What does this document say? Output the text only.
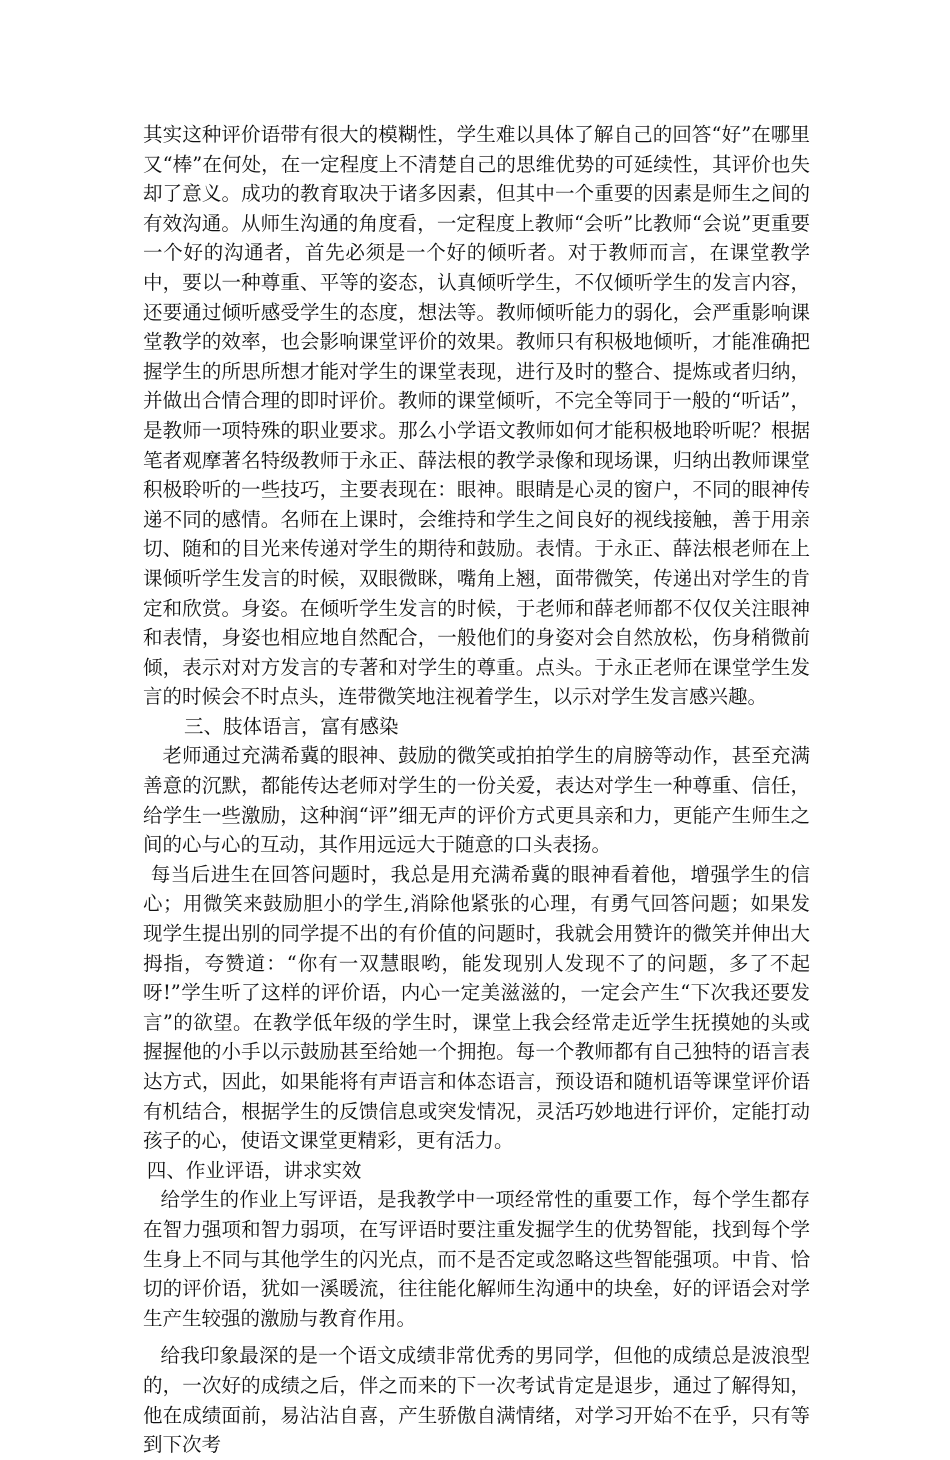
其实这种评价语带有很大的模糊性，学生难以具体了解自己的回答“好”在哪里又“棒”在何处，在一定程度上不清楚自己的思维优势的可延续性，其评价也失却了意义。成功的教育取决于诸多因素，但其中一个重要的因素是师生之间的有效沟通。从师生沟通的角度看，一定程度上教师“会听”比教师“会说”更重要一个好的沟通者，首先必须是一个好的倾听者。对于教师而言，在课堂教学中，要以一种尊重、平等的姿态，认真倾听学生，不仅倾听学生的发言内容，还要通过倾听感受学生的态度，想法等。教师倾听能力的弱化，会严重影响课堂教学的效率，也会影响课堂评价的效果。教师只有积极地倾听，才能准确把握学生的所思所想才能对学生的课堂表现，进行及时的整合、提炼或者归纳，并做出合情合理的即时评价。教师的课堂倾听，不完全等同于一般的“听话”，是教师一项特殊的职业要求。那么小学语文教师如何才能积极地聆听呢？根据笔者观摩著名特级教师于永正、薛法根的教学录像和现场课，归纳出教师课堂积极聆听的一些技巧，主要表现在：眼神。眼睛是心灵的窗户，不同的眼神传递不同的感情。名师在上课时，会维持和学生之间良好的视线接触，善于用亲切、随和的目光来传递对学生的期待和鼓励。表情。于永正、薛法根老师在上课倾听学生发言的时候，双眼微眯，嘴角上翘，面带微笑，传递出对学生的肯定和欣赏。身姿。在倾听学生发言的时候，于老师和薛老师都不仅仅关注眼神和表情，身姿也相应地自然配合，一般他们的身姿对会自然放松，伤身稍微前倾，表示对对方发言的专著和对学生的尊重。点头。于永正老师在课堂学生发言的时候会不时点头，连带微笑地注视着学生，以示对学生发言感兴趣。

三、肢体语言，富有感染

老师通过充满希冀的眼神、鼓励的微笑或拍拍学生的肩膀等动作，甚至充满善意的沉默，都能传达老师对学生的一份关爱，表达对学生一种尊重、信任，给学生一些激励，这种润“评”细无声的评价方式更具亲和力，更能产生师生之间的心与心的互动，其作用远远大于随意的口头表扬。

每当后进生在回答问题时，我总是用充满希冀的眼神看着他，增强学生的信心；用微笑来鼓励胆小的学生,消除他紧张的心理，有勇气回答问题；如果发现学生提出别的同学提不出的有价值的问题时，我就会用赞许的微笑并伸出大拇指，夸赞道：“你有一双慧眼哟，能发现别人发现不了的问题，多了不起呀!”学生听了这样的评价语，内心一定美滋滋的，一定会产生“下次我还要发言”的欲望。在教学低年级的学生时，课堂上我会经常走近学生抚摸她的头或握握他的小手以示鼓励甚至给她一个拥抱。每一个教师都有自己独特的语言表达方式，因此，如果能将有声语言和体态语言，预设语和随机语等课堂评价语有机结合，根据学生的反馈信息或突发情况，灵活巧妙地进行评价，定能打动孩子的心，使语文课堂更精彩，更有活力。

四、作业评语，讲求实效

给学生的作业上写评语，是我教学中一项经常性的重要工作，每个学生都存在智力强项和智力弱项，在写评语时要注重发掘学生的优势智能，找到每个学生身上不同与其他学生的闪光点，而不是否定或忽略这些智能强项。中肯、恰切的评价语，犹如一溪暖流，往往能化解师生沟通中的块垒，好的评语会对学生产生较强的激励与教育作用。

给我印象最深的是一个语文成绩非常优秀的男同学，但他的成绩总是波浪型的，一次好的成绩之后，伴之而来的下一次考试肯定是退步，通过了解得知，他在成绩面前，易沾沾自喜，产生骄傲自满情绪，对学习开始不在乎，只有等到下次考
